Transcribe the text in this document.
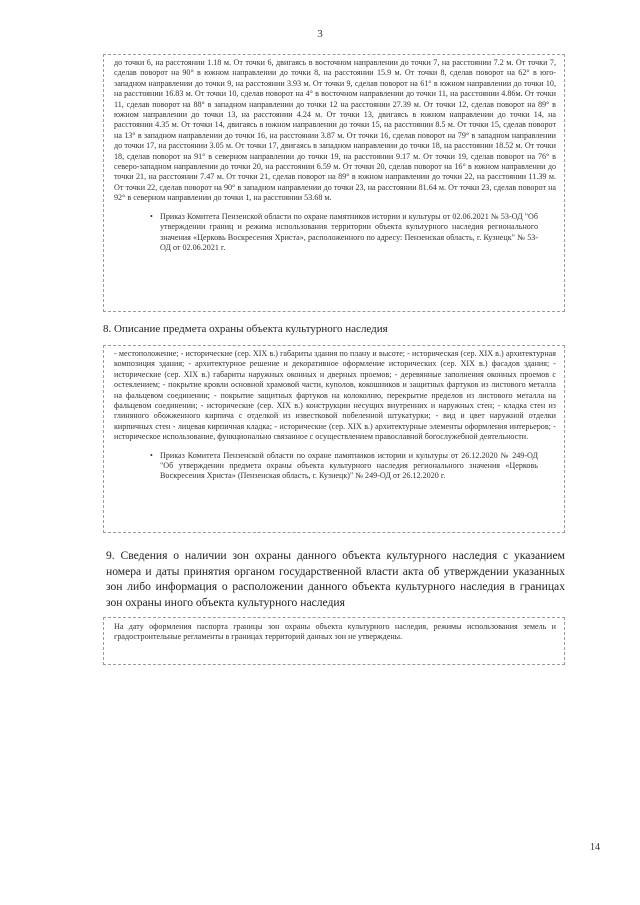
3
до точки 6, на расстоянии 1.18 м. От точки 6, двигаясь в восточном направлении до точки 7, на расстоянии 7.2 м. От точки 7, сделав поворот на 90° в южном направлении до точки 8, на расстоянии 15.9 м. От точки 8, сделав поворот на 62° в юго-западном направлении до точки 9, на расстоянии 3.93 м. От точки 9, сделав поворот на 61° в южном направлении до точки 10, на расстоянии 16.83 м. От точки 10, сделав поворот на 4° в восточном направлении до точки 11, на расстоянии 4.86м. От точки 11, сделав поворот на 88° в западном направлении до точки 12 на расстоянии 27.39 м. От точки 12, сделав поворот на 89° в южном направлении до точки 13, на расстоянии 4.24 м. От точки 13, двигаясь в южном направлении до точки 14, на расстоянии 4.35 м. От точки 14, двигаясь в южном направлении до точки 15, на расстоянии 8.5 м. От точки 15, сделав поворот на 13° в западном направлении до точки 16, на расстоянии 3.87 м. От точки 16, сделав поворот на 79° в западном направлении до точки 17, на расстоянии 3.05 м. От точки 17, двигаясь в западном направлении до точки 18, на расстоянии 18.52 м. От точки 18, сделав поворот на 91° в северном направлении до точки 19, на расстоянии 9.17 м. От точки 19, сделав поворот на 76° в северо-западном направлении до точки 20, на расстоянии 6.59 м. От точки 20, сделав поворот на 16° в южном направлении до точки 21, на расстоянии 7.47 м. От точки 21, сделав поворот на 89° в южном направлении до точки 22, на расстоянии 11.39 м. От точки 22, сделав поворот на 90° в западном направлении до точки 23, на расстоянии 81.64 м. От точки 23, сделав поворот на 92° в северном направлении до точки 1, на расстоянии 53.68 м.
• Приказ Комитета Пензенской области по охране памятников истории и культуры от 02.06.2021 № 53-ОД "Об утверждении границ и режима использования территории объекта культурного наследия регионального значения «Церковь Воскресения Христа», расположенного по адресу: Пензенская область, г. Кузнецк" № 53-ОД от 02.06.2021 г.
8. Описание предмета охраны объекта культурного наследия
- местоположение; - исторические (сер. XIX в.) габариты здания по плану и высоте; - историческая (сер. XIX в.) архитектурная композиция здания; - архитектурное решение и декоративное оформление исторических (сер. XIX в.) фасадов здания; - исторические (сер. XIX в.) габариты наружных оконных и дверных проемов; - деревянные заполнения оконных проемов с остеклением; - покрытие кровли основной храмовой части, куполов, кокошников и защитных фартуков из листового металла на фальцевом соединении; - покрытие защитных фартуков на колоколню, перекрытие пределов из листового металла на фальцевом соединении; - исторические (сер. XIX в.) конструкции несущих внутренних и наружных стен; - кладка стен из глиняного обожженного кирпича с отделкой из известковой побеленной штукатурки; - вид и цвет наружной отделки кирпичных стен - лицевая кирпичная кладка; - исторические (сер. XIX в.) архитектурные элементы оформления интерьеров; - историческое использование, функционально связанное с осуществлением православной богослужебной деятельности.
• Приказ Комитета Пензенской области по охране памятников истории и культуры от 26.12.2020 № 249-ОД "Об утверждении предмета охраны объекта культурного наследия регионального значения «Церковь Воскресения Христа» (Пензенская область, г. Кузнецк)" № 249-ОД от 26.12.2020 г.
9. Сведения о наличии зон охраны данного объекта культурного наследия с указанием номера и даты принятия органом государственной власти акта об утверждении указанных зон либо информация о расположении данного объекта культурного наследия в границах зон охраны иного объекта культурного наследия
На дату оформления паспорта границы зон охраны объекта культурного наследия, режимы использования земель и градостроительные регламенты в границах территорий данных зон не утверждены.
14
